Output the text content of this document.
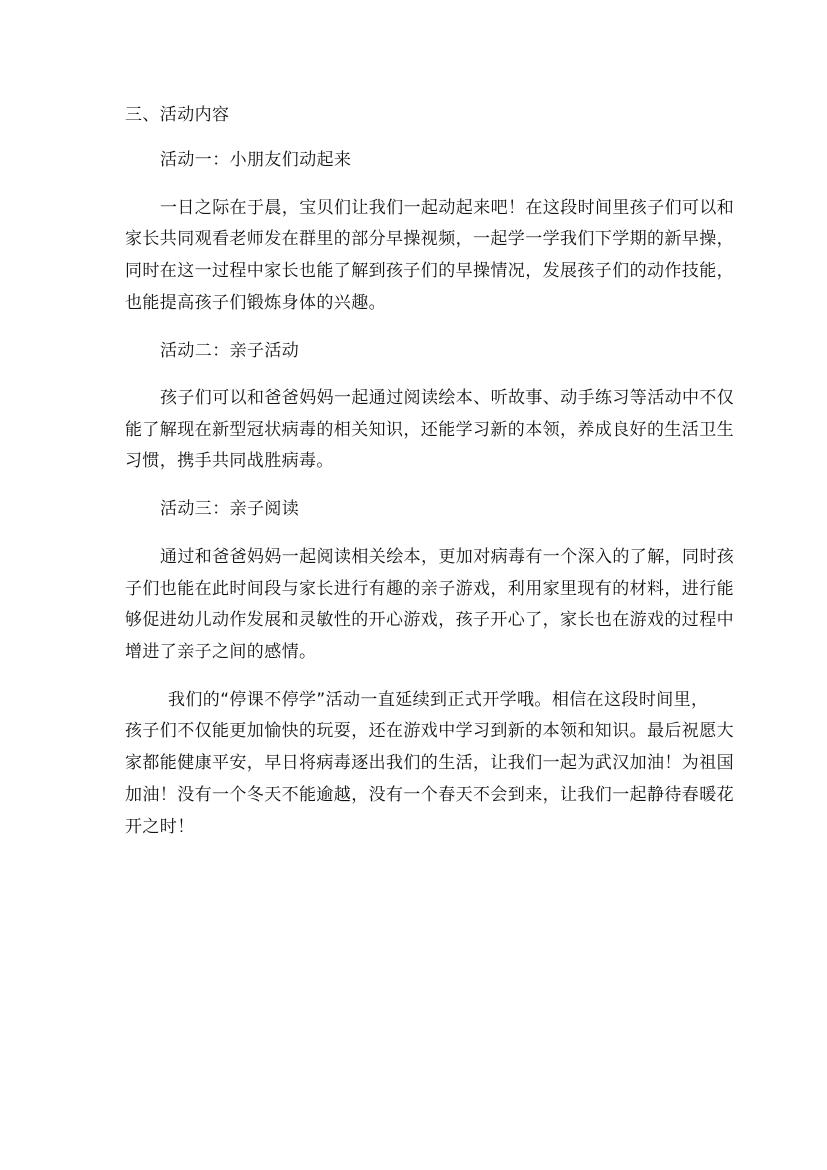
三、活动内容
活动一：小朋友们动起来
一日之际在于晨，宝贝们让我们一起动起来吧！在这段时间里孩子们可以和
家长共同观看老师发在群里的部分早操视频，一起学一学我们下学期的新早操，
同时在这一过程中家长也能了解到孩子们的早操情况，发展孩子们的动作技能，
也能提高孩子们锻炼身体的兴趣。
活动二：亲子活动
孩子们可以和爸爸妈妈一起通过阅读绘本、听故事、动手练习等活动中不仅
能了解现在新型冠状病毒的相关知识，还能学习新的本领，养成良好的生活卫生
习惯，携手共同战胜病毒。
活动三：亲子阅读
通过和爸爸妈妈一起阅读相关绘本，更加对病毒有一个深入的了解，同时孩
子们也能在此时间段与家长进行有趣的亲子游戏，利用家里现有的材料，进行能
够促进幼儿动作发展和灵敏性的开心游戏，孩子开心了，家长也在游戏的过程中
增进了亲子之间的感情。
我们的“停课不停学”活动一直延续到正式开学哦。相信在这段时间里，
孩子们不仅能更加愉快的玩耍，还在游戏中学习到新的本领和知识。最后祝愿大
家都能健康平安，早日将病毒逐出我们的生活，让我们一起为武汉加油！为祖国
加油！没有一个冬天不能逾越，没有一个春天不会到来，让我们一起静待春暖花
开之时！
